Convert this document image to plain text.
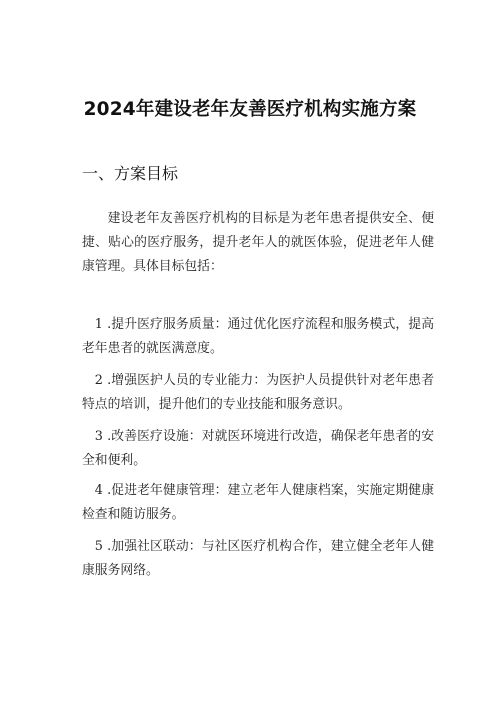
2024年建设老年友善医疗机构实施方案
一、方案目标
建设老年友善医疗机构的目标是为老年患者提供安全、便捷、贴心的医疗服务，提升老年人的就医体验，促进老年人健康管理。具体目标包括：
1 .提升医疗服务质量：通过优化医疗流程和服务模式，提高老年患者的就医满意度。
2 .增强医护人员的专业能力：为医护人员提供针对老年患者特点的培训，提升他们的专业技能和服务意识。
3 .改善医疗设施：对就医环境进行改造，确保老年患者的安全和便利。
4 .促进老年健康管理：建立老年人健康档案，实施定期健康检查和随访服务。
5 .加强社区联动：与社区医疗机构合作，建立健全老年人健康服务网络。
